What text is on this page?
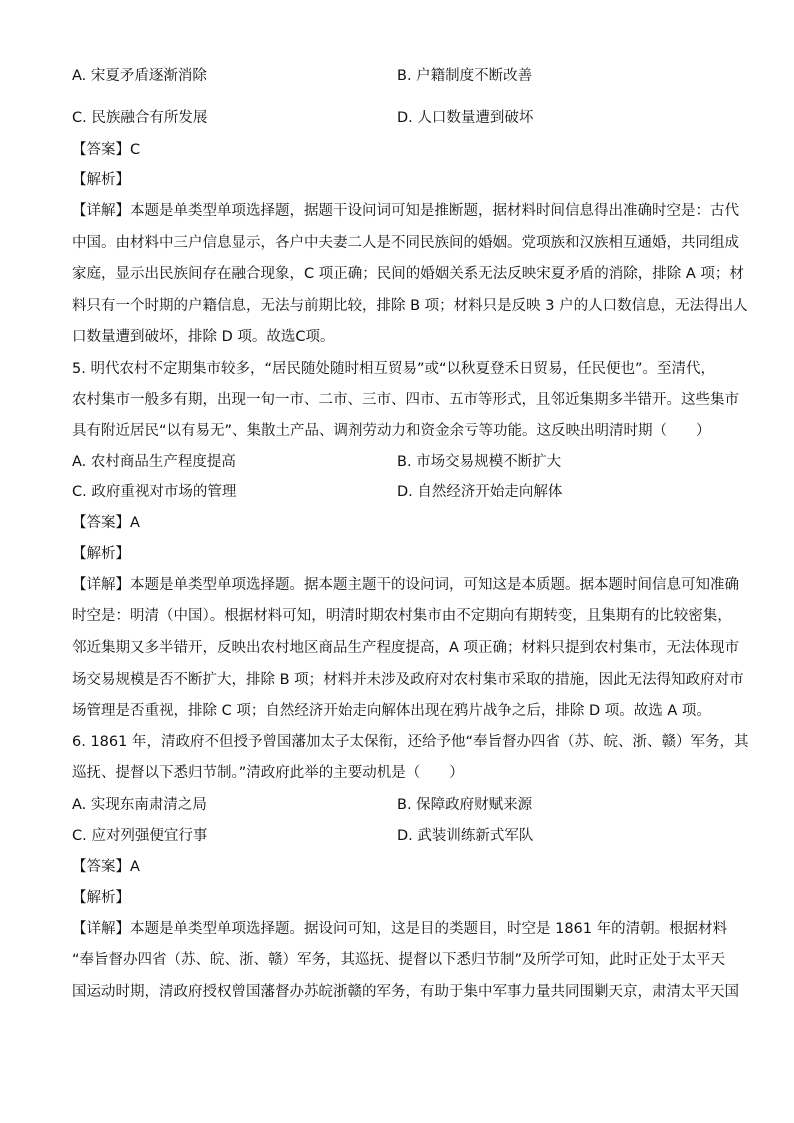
A. 宋夏矛盾逐渐消除	B. 户籍制度不断改善
C. 民族融合有所发展	D. 人口数量遭到破坏
【答案】C
【解析】
【详解】本题是单类型单项选择题，据题干设问词可知是推断题，据材料时间信息得出准确时空是：古代
中国。由材料中三户信息显示，各户中夫妻二人是不同民族间的婚姻。党项族和汉族相互通婚，共同组成
家庭，显示出民族间存在融合现象，C 项正确；民间的婚姻关系无法反映宋夏矛盾的消除，排除 A 项；材
料只有一个时期的户籍信息，无法与前期比较，排除 B 项；材料只是反映 3 户的人口数信息，无法得出人
口数量遭到破坏，排除 D 项。故选C项。
5. 明代农村不定期集市较多，“居民随处随时相互贸易”或“以秋夏登禾日贸易，任民便也”。至清代，
农村集市一般多有期，出现一旬一市、二市、三市、四市、五市等形式，且邻近集期多半错开。这些集市
具有附近居民“以有易无”、集散土产品、调剂劳动力和资金余亏等功能。这反映出明清时期（　　）
A. 农村商品生产程度提高	B. 市场交易规模不断扩大
C. 政府重视对市场的管理	D. 自然经济开始走向解体
【答案】A
【解析】
【详解】本题是单类型单项选择题。据本题主题干的设问词，可知这是本质题。据本题时间信息可知准确
时空是：明清（中国）。根据材料可知，明清时期农村集市由不定期向有期转变，且集期有的比较密集，
邻近集期又多半错开，反映出农村地区商品生产程度提高，A 项正确；材料只提到农村集市，无法体现市
场交易规模是否不断扩大，排除 B 项；材料并未涉及政府对农村集市采取的措施，因此无法得知政府对市
场管理是否重视，排除 C 项；自然经济开始走向解体出现在鸦片战争之后，排除 D 项。故选 A 项。
6. 1861 年，清政府不但授予曾国藩加太子太保衔，还给予他“奉旨督办四省（苏、皖、浙、赣）军务，其
巡抚、提督以下悉归节制。”清政府此举的主要动机是（　　）
A. 实现东南肃清之局	B. 保障政府财赋来源
C. 应对列强便宜行事	D. 武装训练新式军队
【答案】A
【解析】
【详解】本题是单类型单项选择题。据设问可知，这是目的类题目，时空是 1861 年的清朝。根据材料
“奉旨督办四省（苏、皖、浙、赣）军务，其巡抚、提督以下悉归节制”及所学可知，此时正处于太平天
国运动时期，清政府授权曾国藩督办苏皖浙赣的军务，有助于集中军事力量共同围剿天京，肃清太平天国
